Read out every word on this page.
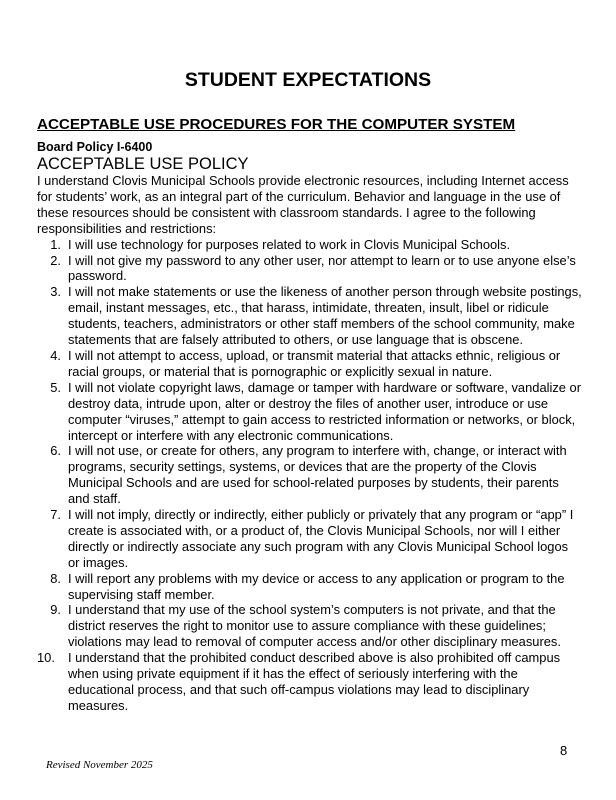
STUDENT EXPECTATIONS
ACCEPTABLE USE PROCEDURES FOR THE COMPUTER SYSTEM
Board Policy I-6400
ACCEPTABLE USE POLICY

I understand Clovis Municipal Schools provide electronic resources, including Internet access for students’ work, as an integral part of the curriculum. Behavior and language in the use of these resources should be consistent with classroom standards. I agree to the following responsibilities and restrictions:

1. I will use technology for purposes related to work in Clovis Municipal Schools.
2. I will not give my password to any other user, nor attempt to learn or to use anyone else’s password.
3. I will not make statements or use the likeness of another person through website postings, email, instant messages, etc., that harass, intimidate, threaten, insult, libel or ridicule students, teachers, administrators or other staff members of the school community, make statements that are falsely attributed to others, or use language that is obscene.
4. I will not attempt to access, upload, or transmit material that attacks ethnic, religious or racial groups, or material that is pornographic or explicitly sexual in nature.
5. I will not violate copyright laws, damage or tamper with hardware or software, vandalize or destroy data, intrude upon, alter or destroy the files of another user, introduce or use computer “viruses,” attempt to gain access to restricted information or networks, or block, intercept or interfere with any electronic communications.
6. I will not use, or create for others, any program to interfere with, change, or interact with programs, security settings, systems, or devices that are the property of the Clovis Municipal Schools and are used for school-related purposes by students, their parents and staff.
7. I will not imply, directly or indirectly, either publicly or privately that any program or “app” I create is associated with, or a product of, the Clovis Municipal Schools, nor will I either directly or indirectly associate any such program with any Clovis Municipal School logos or images.
8. I will report any problems with my device or access to any application or program to the supervising staff member.
9. I understand that my use of the school system’s computers is not private, and that the district reserves the right to monitor use to assure compliance with these guidelines; violations may lead to removal of computer access and/or other disciplinary measures.
10.	I understand that the prohibited conduct described above is also prohibited off campus when using private equipment if it has the effect of seriously interfering with the educational process, and that such off-campus violations may lead to disciplinary measures.
8
Revised November 2025
